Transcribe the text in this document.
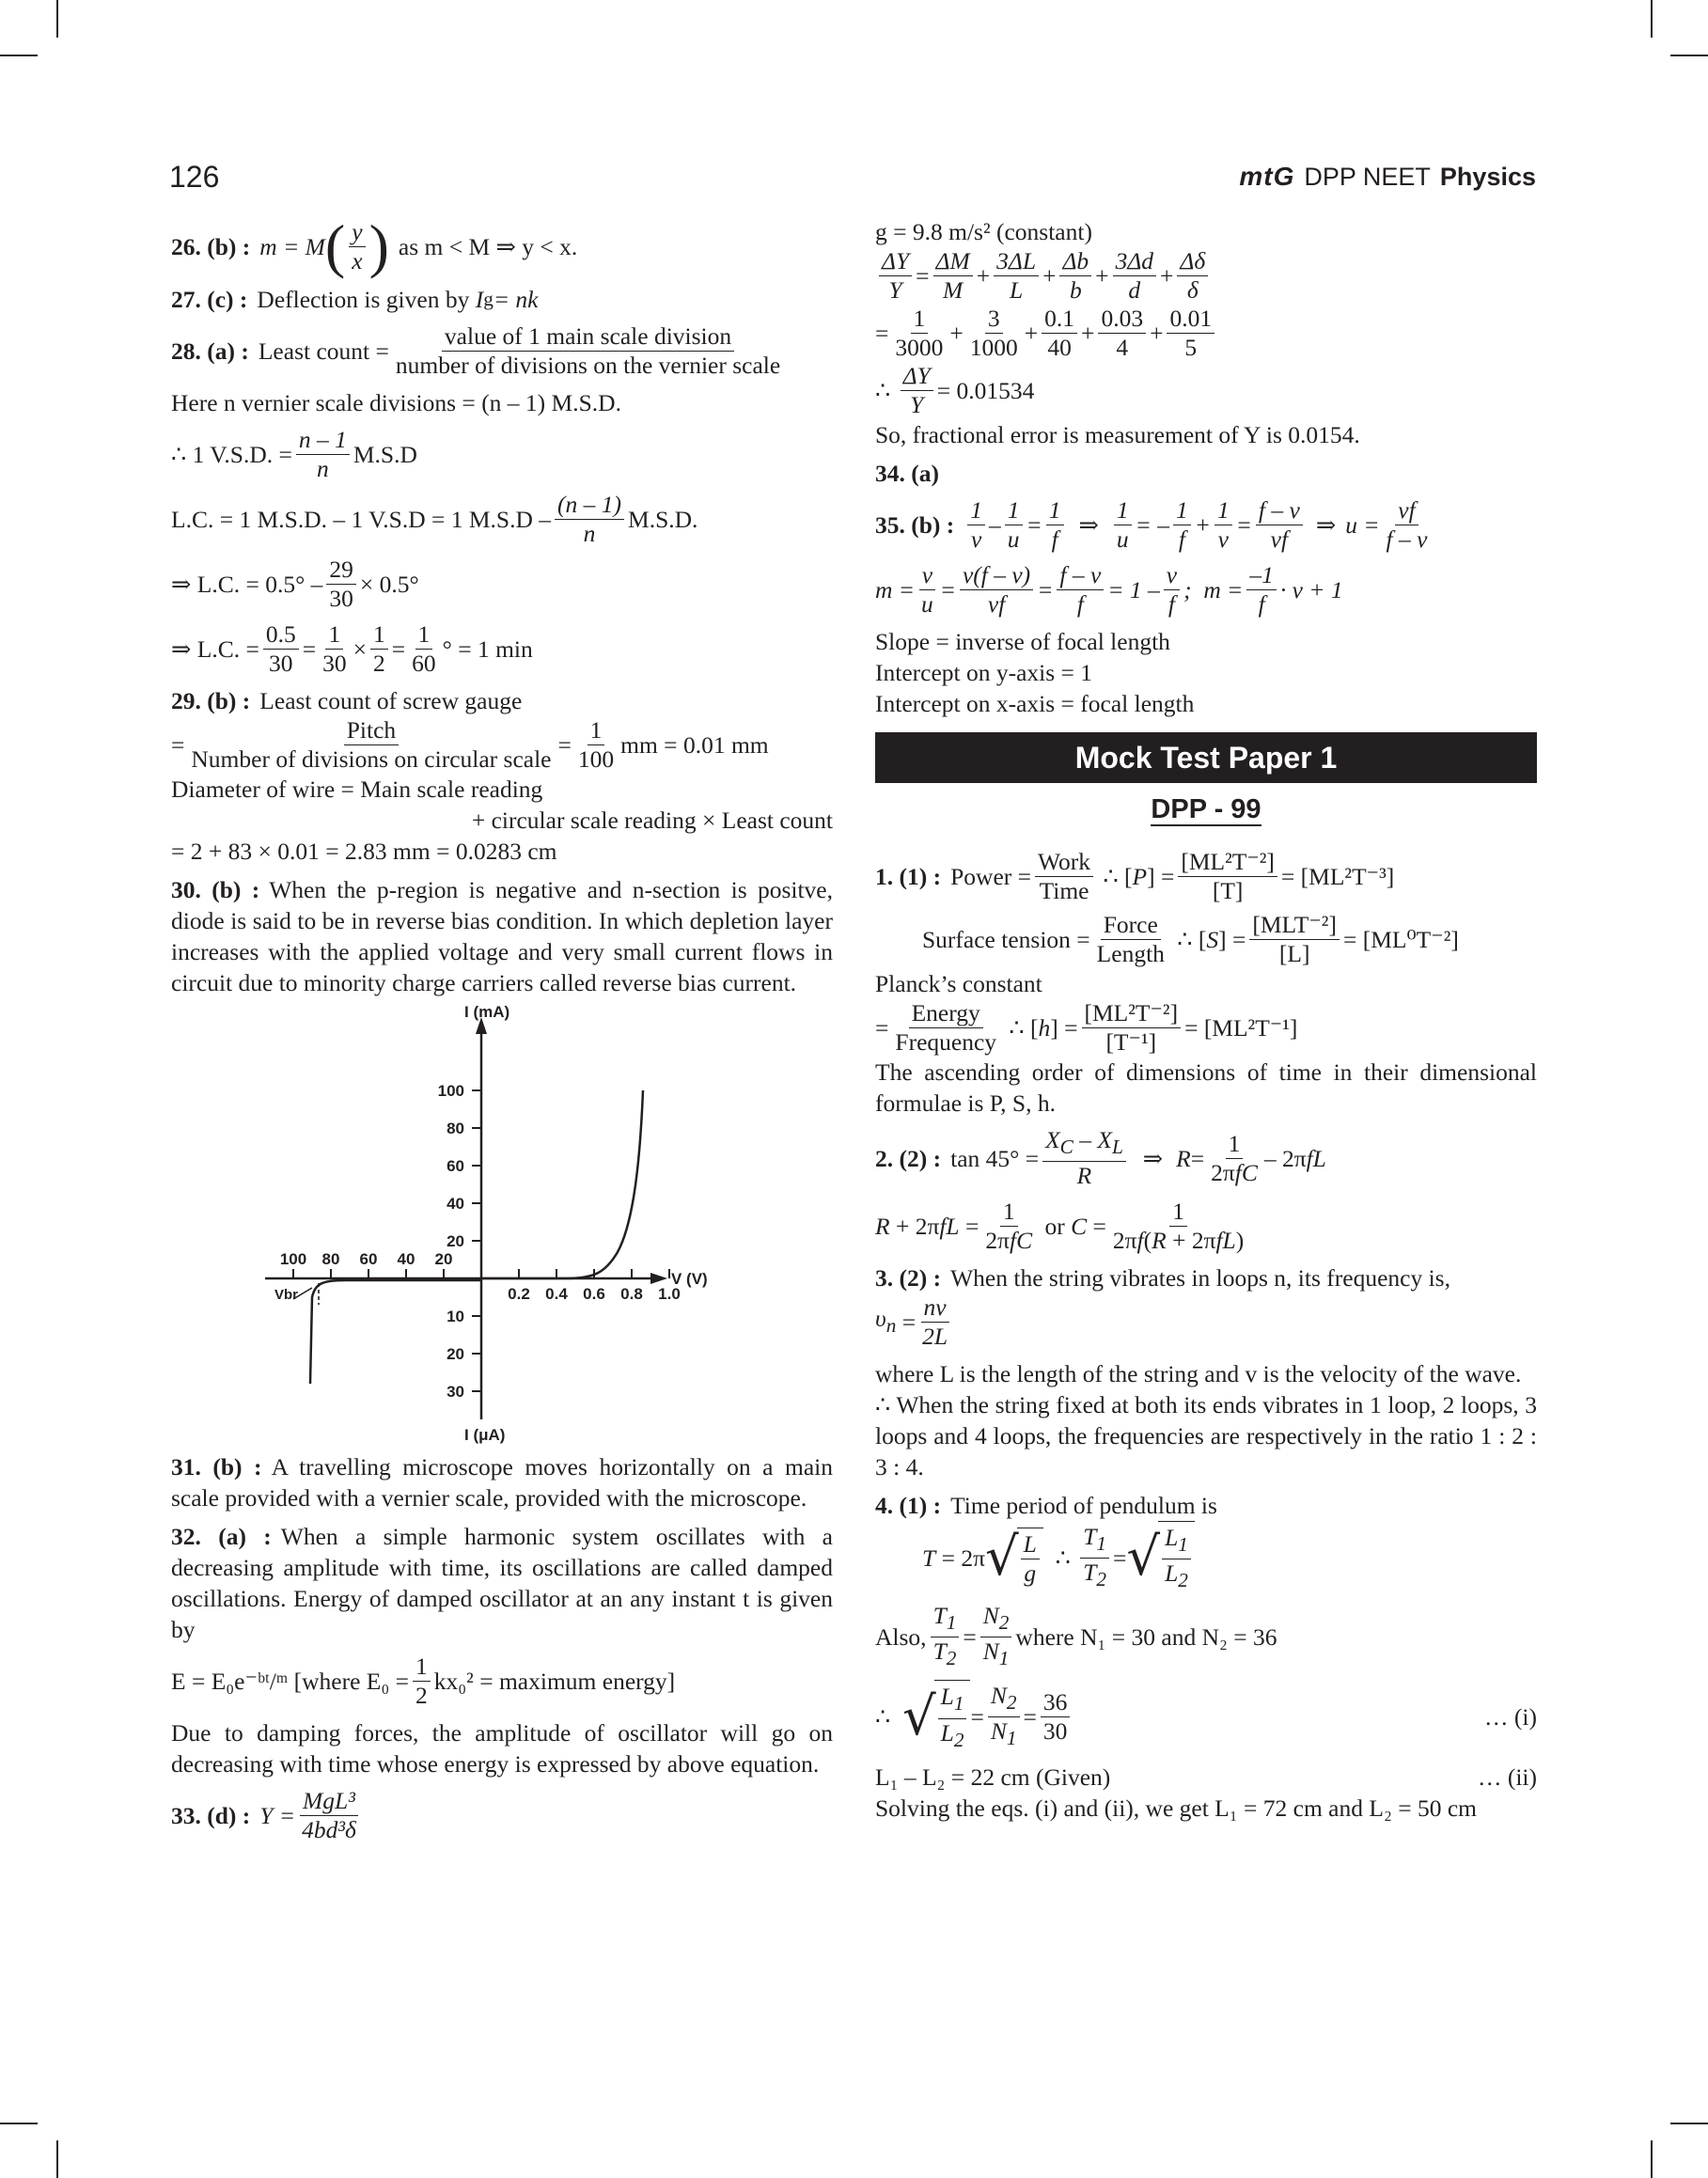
126	mtG DPP NEET Physics
26. (b) : m = M ( $\frac{y}{x}$ ) as m < M ⇒ y < x.
27. (c) : Deflection is given by
I g = nk
28. (a) : Least count = $\frac{\text{value of 1 main scale division}}{\text{number of divisions on the vernier scale}}$
Here n vernier scale divisions = (n – 1) M.S.D.
∴ 1 V.S.D. = $\frac{n - 1}{n} M.S.D$
L.C. = 1 M.S.D. – 1 V.S.D = 1 $M.S.D - \frac{(n - 1)}{n} M.S.D$.
⇒ L.C. = $0.5^\circ - \frac{29}{30} \times 0.5^\circ$
⇒ L.C. = $\frac{0.5}{30} = \frac{1}{30} \times \frac{1}{2} = \frac{1}{60}$ ° = 1 min
29. (b) : Least count of screw gauge
= $\frac{\text{Pitch}}{\text{Number of divisions on circular scale}} = \frac{1}{100}$ mm = 0.01 mm
Diameter of wire = Main scale reading
+ circular scale reading × Least count
= 2 + 83 × 0.01 = 2.83 mm = 0.0283 cm
30. (b) : When the p-region is negative and n-section is positve, diode is said to be in reverse bias condition. In which depletion layer increases with the applied voltage and very small current flows in circuit due to minority charge carriers called reverse bias current.
I (mA)
I (μA)
V (V)
Vbr
100
80
60
40
20
10
20
30
100 80 60 40 20
0.2 0.4 0.6 0.8 1.0
31. (b) : A travelling microscope moves horizontally on a main scale provided with a vernier scale, provided with the microscope.
32. (a) : When a simple harmonic system oscillates with a decreasing amplitude with time, its oscillations are called damped oscillations. Energy of damped oscillator at an any instant t is given by
E = E₀e⁻ᵇᵗ/ᵐ [where $E_0 = \frac{1}{2} kx_0^2$ = maximum energy]
Due to damping forces, the amplitude of oscillator will go on decreasing with time whose energy is expressed by above equation.
33. (d) : $Y = \frac{\text{MgL³}}{\text{4bd³δ}}$
g = 9.8 m/s² (constant)
$\frac{\Delta Y}{Y} = \frac{\Delta M}{M} + \frac{3\Delta L}{L} + \frac{\Delta b}{b} + \frac{3\Delta d}{d} + \frac{\Delta\delta}{\delta}$
= $\frac{1}{3000} + \frac{3}{1000} + \frac{0.1}{40} + \frac{0.03}{4} + \frac{0.01}{5}$
∴
$\frac{\Delta Y}{Y} = 0.01534$
So, fractional error is measurement of Y is 0.0154.
34. (a)
35. (b) : $\frac{1}{v} - \frac{1}{u} = \frac{1}{f}$ ⇒ $\frac{1}{u}$ = – $\frac{1}{f} + \frac{1}{v} = \frac{f - v}{vf}$ ⇒ $u = \frac{vf}{f - v}$
$m = \frac{v}{u} = \frac{v(f - v)}{vf} = \frac{f - v}{f} = 1 - \frac{v}{f}$ ;  $m = \frac{-1}{f} \cdot v + 1$
Slope = inverse of focal length
Intercept on y-axis = 1
Intercept on x-axis = focal length
Mock Test Paper 1
DPP - 99
1. (1) : Power = $\frac{\text{Work}}{\text{Time}}$ ∴ [ P ] = $\frac{\text{[ML²T⁻²]}}{[T]} = [ML^2T^{-3}]$
Surface tension = $\frac{\text{Force}}{\text{Length}}$ ∴ [ S ] = $\frac{\text{[MLT⁻²]}}{[L]} = [ML^0T^{-2}]$
Planck’s constant
= $\frac{\text{Energy}}{\text{Frequency}}$ ∴ [ h ] = $\frac{\text{[ML²T⁻²]}}{\text{[T⁻¹]}} = [ML^2T^{-1}]$
The ascending order of dimensions of time in their dimensional formulae is P, S, h.
2. (2) : $\tan 45^\circ = \frac{X_C - X_L}{R}$ ⇒ $R = \frac{1}{\text{2πfC}} - 2\pi$ fL
R + 2π fL = $\frac{1}{\text{2πfC}}$ or $C = \frac{1}{\text{2πf(R + 2πfL)}}$
3. (2) : When the string vibrates in loops n, its frequency is,
$\upsilon_n = \frac{nv}{2L}$
where L is the length of the string and v is the velocity of the wave.
∴ When the string fixed at both its ends vibrates in 1 loop, 2 loops, 3 loops and 4 loops, the frequencies are respectively in the ratio 1 : 2 : 3 : 4.
4. (1) : Time period of pendulum is
T = 2π √ $\frac{L}{g}$ ∴ $\frac{T_1}{T_2}$ = √ $\frac{L_1}{L_2}$
Also, $\frac{T_1}{T_2} = \frac{N_2}{N_1}$ where N₁ = 30 and N₂ = 36
∴ √ $\frac{L_1}{L_2} = \frac{N_2}{N_1} = \frac{36}{30}$	… (i)
L₁ – L₂ = 22 cm (Given)	… (ii)
Solving the eqs. (i) and (ii), we get L₁ = 72 cm and L₂ = 50 cm
